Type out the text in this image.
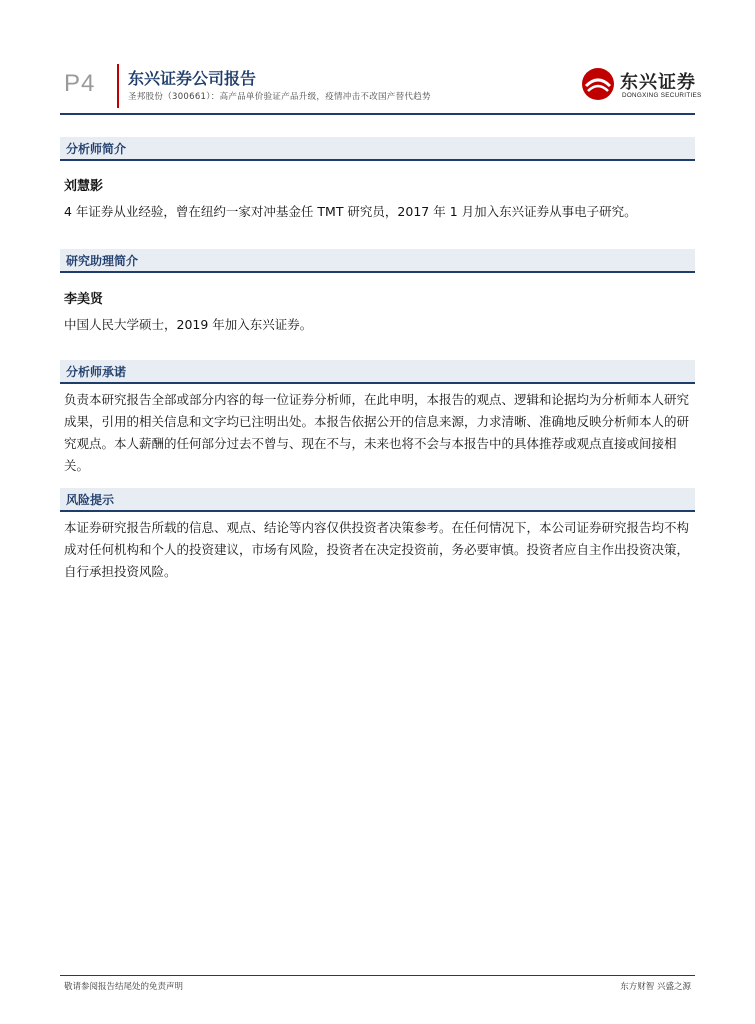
P4 东兴证券公司报告
圣邦股份（300661）：高产品单价验证产品升级，疫情冲击不改国产替代趋势
东兴证券
DONGXING SECURITIES
分析师简介
刘慧影

4 年证券从业经验，曾在纽约一家对冲基金任 TMT 研究员，2017 年 1 月加入东兴证券从事电子研究。

研究助理简介
李美贤

中国人民大学硕士，2019 年加入东兴证券。

分析师承诺

负责本研究报告全部或部分内容的每一位证券分析师，在此申明，本报告的观点、逻辑和论据均为分析师本人研究成果，引用的相关信息和文字均已注明出处。本报告依据公开的信息来源，力求清晰、准确地反映分析师本人的研究观点。本人薪酬的任何部分过去不曾与、现在不与，未来也将不会与本报告中的具体推荐或观点直接或间接相关。

风险提示

本证券研究报告所载的信息、观点、结论等内容仅供投资者决策参考。在任何情况下，本公司证券研究报告均不构成对任何机构和个人的投资建议，市场有风险，投资者在决定投资前，务必要审慎。投资者应自主作出投资决策，自行承担投资风险。

敬请参阅报告结尾处的免责声明	东方财智 兴盛之源
